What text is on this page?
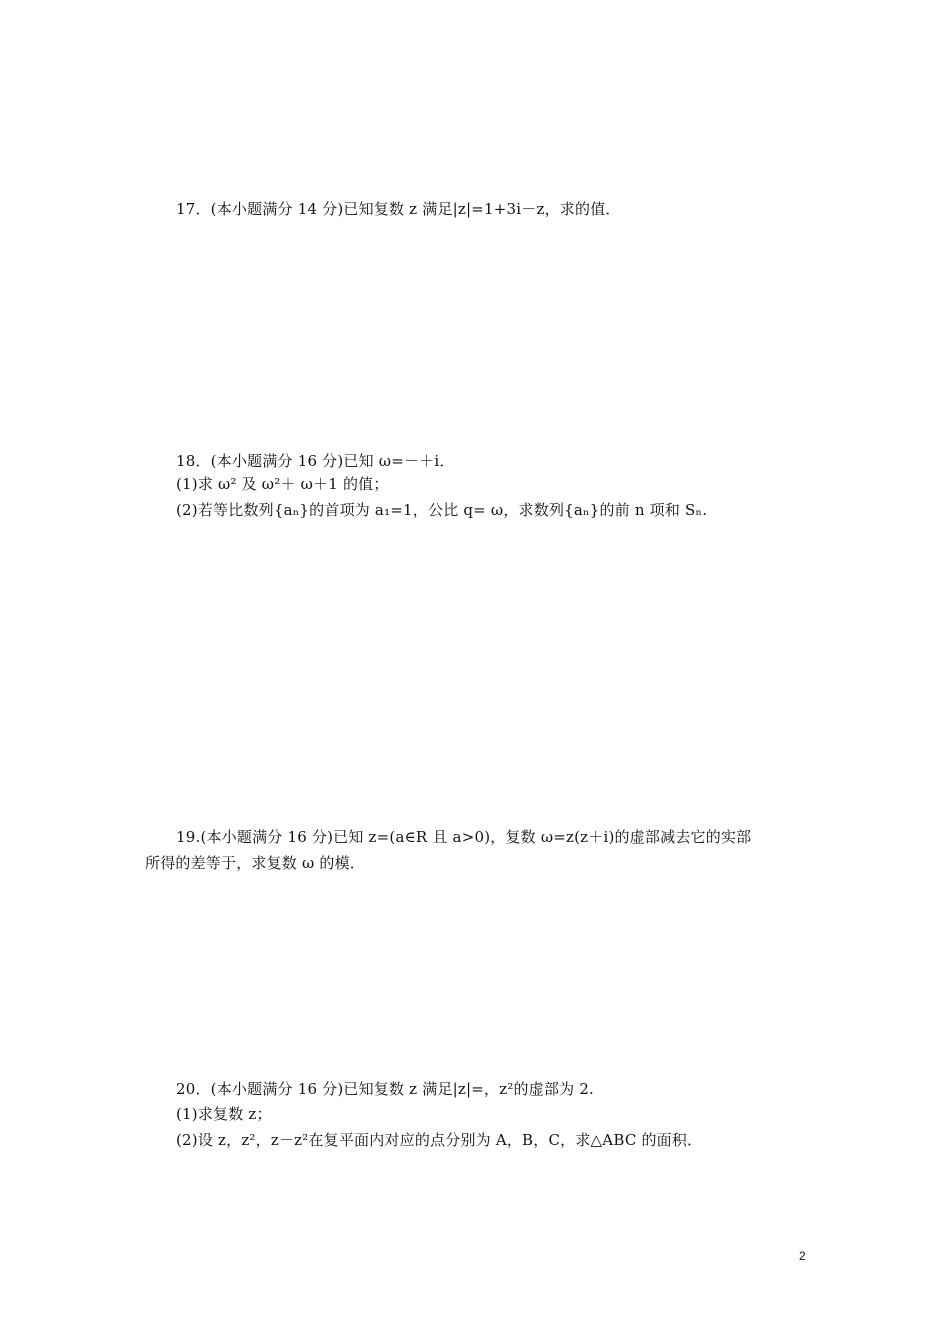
17．(本小题满分 14 分)已知复数 z 满足|z|=1+3i－z，求的值．
18．(本小题满分 16 分)已知 ω=－＋i．
(1)求 ω² 及 ω²＋ ω＋1 的值；
(2)若等比数列{aₙ}的首项为 a₁=1，公比 q= ω，求数列{aₙ}的前 n 项和 Sₙ.
19.(本小题满分 16 分)已知 z=(a∈R 且 a>0)，复数 ω=z(z＋i)的虚部减去它的实部
所得的差等于，求复数 ω 的模．
20．(本小题满分 16 分)已知复数 z 满足|z|=，z²的虚部为 2.
(1)求复数 z；
(2)设 z，z²，z－z²在复平面内对应的点分别为 A，B，C，求△ABC 的面积．
2
